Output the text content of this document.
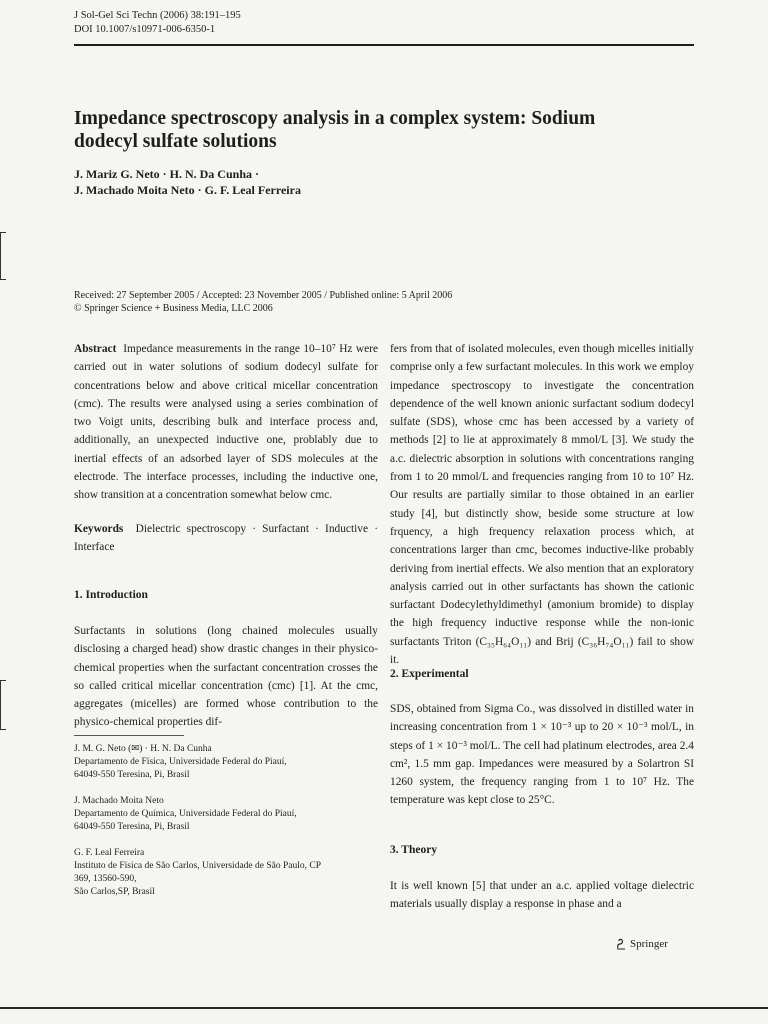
J Sol-Gel Sci Techn (2006) 38:191–195
DOI 10.1007/s10971-006-6350-1
Impedance spectroscopy analysis in a complex system: Sodium
dodecyl sulfate solutions
J. Mariz G. Neto · H. N. Da Cunha ·
J. Machado Moita Neto · G. F. Leal Ferreira
Received: 27 September 2005 / Accepted: 23 November 2005 / Published online: 5 April 2006
© Springer Science + Business Media, LLC 2006
Abstract Impedance measurements in the range 10–10⁷ Hz were carried out in water solutions of sodium dodecyl sulfate for concentrations below and above critical micellar concentration (cmc). The results were analysed using a series combination of two Voigt units, describing bulk and interface process and, additionally, an unexpected inductive one, problably due to inertial effects of an adsorbed layer of SDS molecules at the electrode. The interface processes, including the inductive one, show transition at a concentration somewhat below cmc.
Keywords Dielectric spectroscopy · Surfactant · Inductive · Interface
1. Introduction
Surfactants in solutions (long chained molecules usually disclosing a charged head) show drastic changes in their physico-chemical properties when the surfactant concentration crosses the so called critical micellar concentration (cmc) [1]. At the cmc, aggregates (micelles) are formed whose contribution to the physico-chemical properties dif-
J. M. G. Neto (✉) · H. N. Da Cunha
Departamento de Física, Universidade Federal do Piauí,
64049-550 Teresina, Pi, Brasil
J. Machado Moita Neto
Departamento de Química, Universidade Federal do Piauí,
64049-550 Teresina, Pi, Brasil
G. F. Leal Ferreira
Instituto de Física de São Carlos, Universidade de São Paulo, CP
369, 13560-590,
São Carlos,SP, Brasil
fers from that of isolated molecules, even though micelles initially comprise only a few surfactant molecules. In this work we employ impedance spectroscopy to investigate the concentration dependence of the well known anionic surfactant sodium dodecyl sulfate (SDS), whose cmc has been accessed by a variety of methods [2] to lie at approximately 8 mmol/L [3]. We study the a.c. dielectric absorption in solutions with concentrations ranging from 1 to 20 mmol/L and frequencies ranging from 10 to 10⁷ Hz. Our results are partially similar to those obtained in an earlier study [4], but distinctly show, beside some structure at low frquency, a high frequency relaxation process which, at concentrations larger than cmc, becomes inductive-like probably deriving from inertial effects. We also mention that an exploratory analysis carried out in other surfactants has shown the cationic surfactant Dodecylethyldimethyl (amonium bromide) to display the high frequency inductive response while the non-ionic surfactants Triton (C₃₅H₆₄O₁₁) and Brij (C₃₆H₇₄O₁₁) fail to show it.
2. Experimental
SDS, obtained from Sigma Co., was dissolved in distilled water in increasing concentration from 1 × 10⁻³ up to 20 × 10⁻³ mol/L, in steps of 1 × 10⁻³ mol/L. The cell had platinum electrodes, area 2.4 cm², 1.5 mm gap. Impedances were measured by a Solartron SI 1260 system, the frequency ranging from 1 to 10⁷ Hz. The temperature was kept close to 25°C.
3. Theory
It is well known [5] that under an a.c. applied voltage dielectric materials usually display a response in phase and a
Springer
